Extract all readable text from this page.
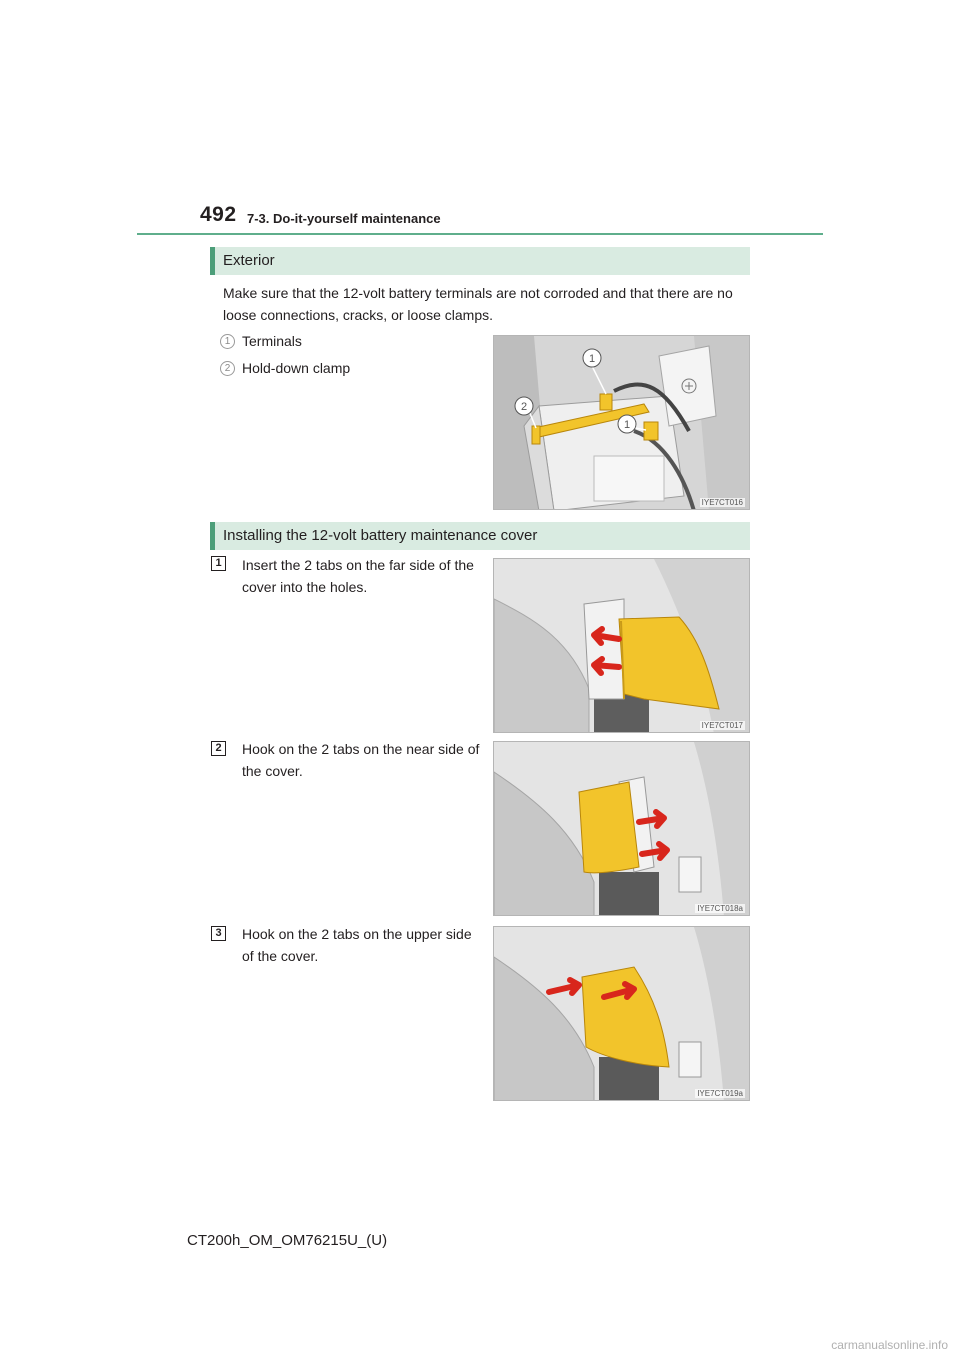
492 7-3. Do-it-yourself maintenance
Exterior
Make sure that the 12-volt battery terminals are not corroded and that there are no loose connections, cracks, or loose clamps.
1 Terminals
2 Hold-down clamp
1
2
1
IYE7CT016
Installing the 12-volt battery maintenance cover
1	Insert the 2 tabs on the far side of the cover into the holes.
IYE7CT017
2	Hook on the 2 tabs on the near side of the cover.
IYE7CT018a
3	Hook on the 2 tabs on the upper side of the cover.
IYE7CT019a
CT200h_OM_OM76215U_(U)
carmanualsonline.info
